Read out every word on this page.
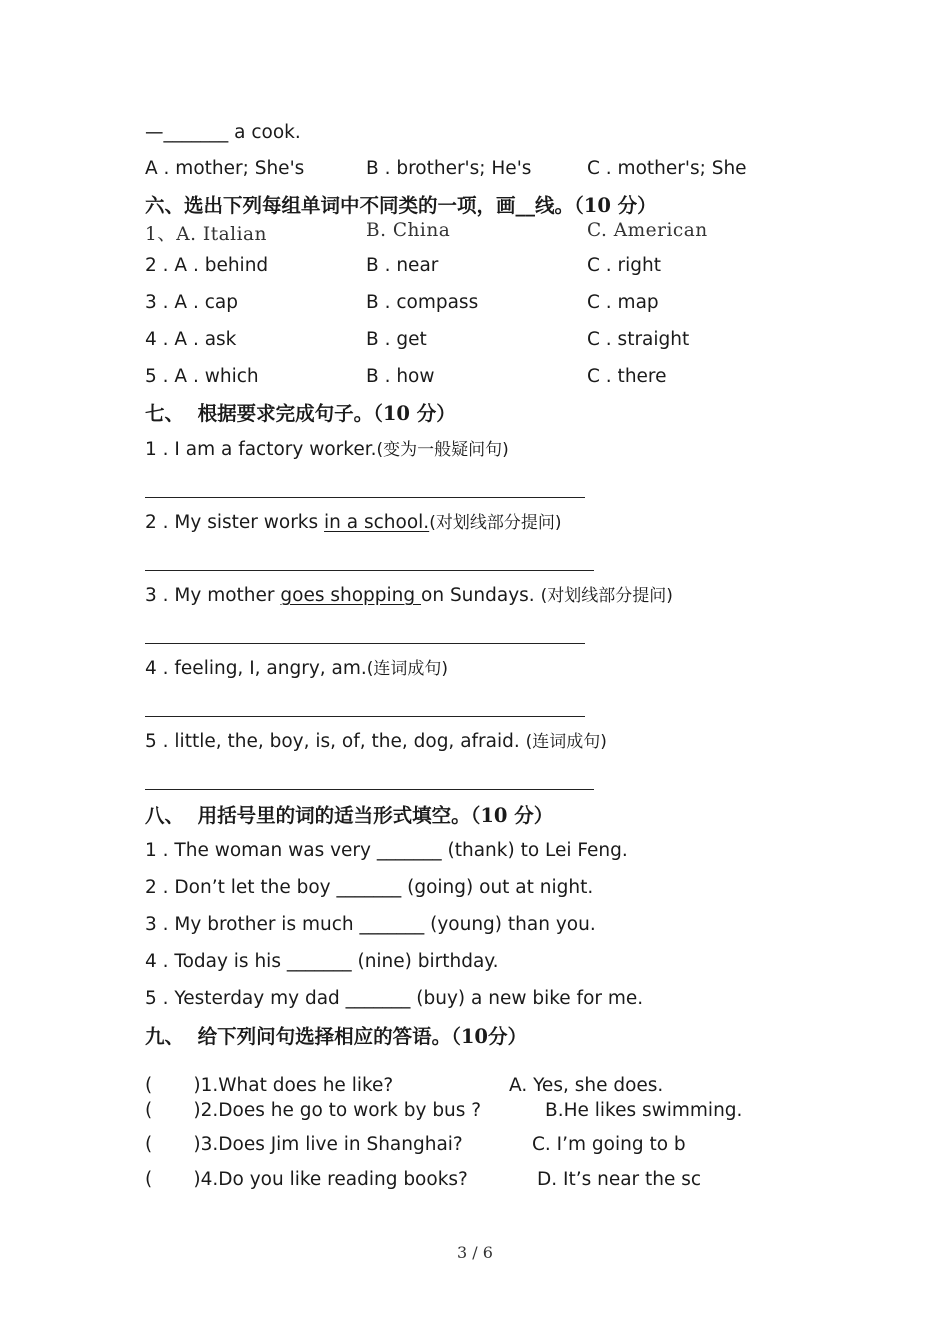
—_______ a cook.
A . mother; She's	B . brother's; He's	C . mother's; She
六、选出下列每组单词中不同类的一项，画__线。（10 分）
1、A. Italian	B. China	C. American
2 . A . behind	B . near	C . right
3 . A . cap	B . compass	C . map
4 . A . ask	B . get	C . straight
5 . A . which	B . how	C . there
七、  根据要求完成句子。（10 分）
1 . I am a factory worker.(变为一般疑问句)
2 . My sister works in a school.(对划线部分提问)
3 . My mother goes shopping on Sundays. (对划线部分提问)
4 . feeling, I, angry, am.(连词成句)
5 . little, the, boy, is, of, the, dog, afraid. (连词成句)
八、  用括号里的词的适当形式填空。（10 分）
1 . The woman was very _______ (thank) to Lei Feng.
2 . Don’t let the boy _______ (going) out at night.
3 . My brother is much _______ (young) than you.
4 . Today is his _______ (nine) birthday.
5 . Yesterday my dad _______ (buy) a new bike for me.
九、  给下列问句选择相应的答语。（10分）
(       )1.What does he like?	A. Yes, she does.
(       )2.Does he go to work by bus ?	B.He likes swimming.
(       )3.Does Jim live in Shanghai?	C. I’m going to b
(       )4.Do you like reading books?	D. It’s near the sc
3 / 6
